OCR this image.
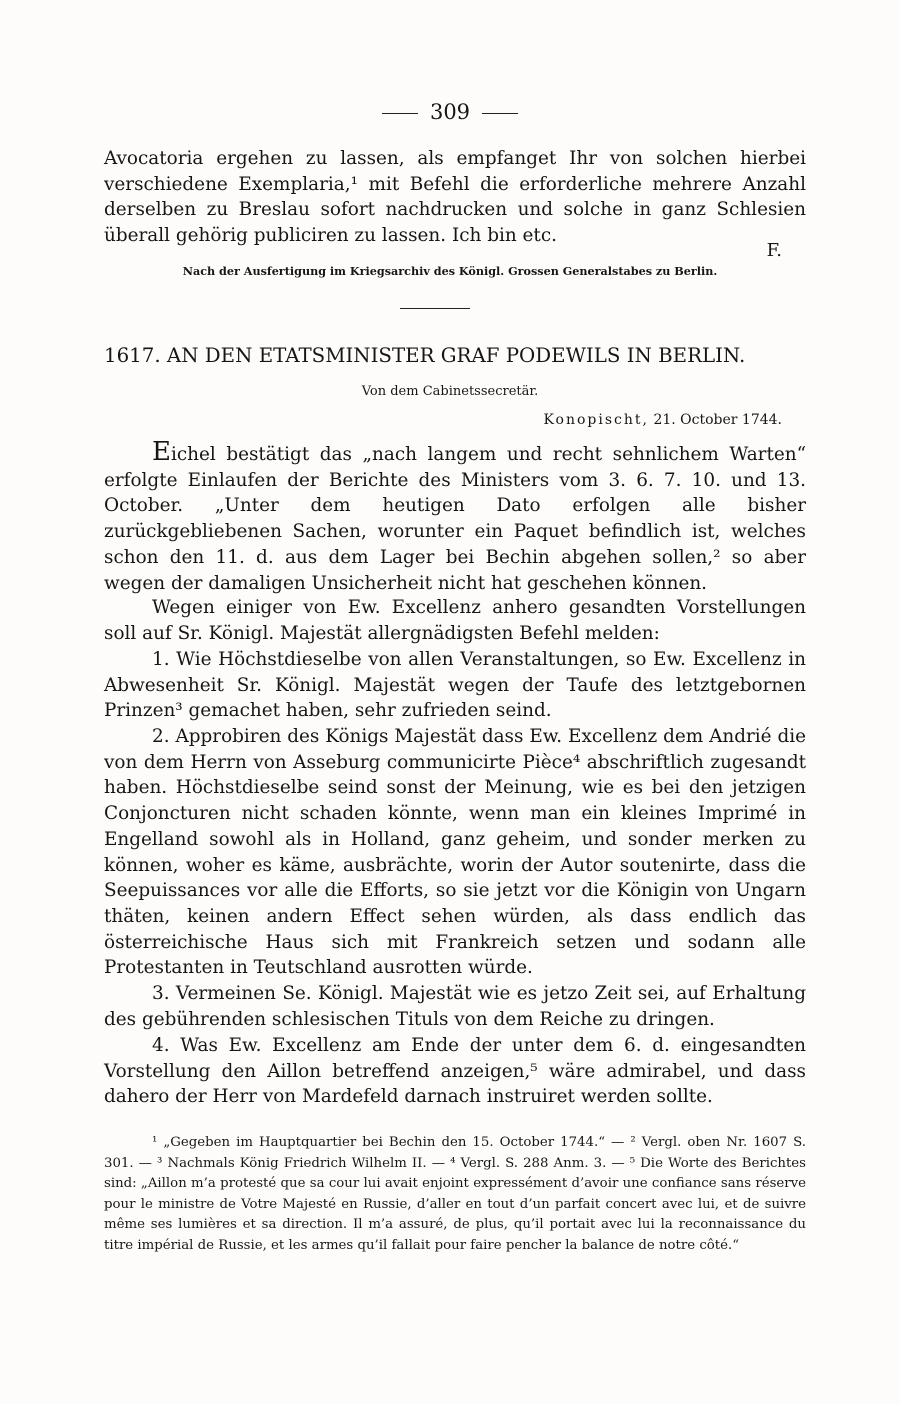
309
Avocatoria ergehen zu lassen, als empfanget Ihr von solchen hierbei verschiedene Exemplaria,¹ mit Befehl die erforderliche mehrere Anzahl derselben zu Breslau sofort nachdrucken und solche in ganz Schlesien überall gehörig publiciren zu lassen. Ich bin etc.
F.
Nach der Ausfertigung im Kriegsarchiv des Königl. Grossen Generalstabes zu Berlin.
1617. AN DEN ETATSMINISTER GRAF PODEWILS IN BERLIN.
Von dem Cabinetssecretär.
Konopischt, 21. October 1744.
Eichel bestätigt das „nach langem und recht sehnlichem Warten“ erfolgte Einlaufen der Berichte des Ministers vom 3. 6. 7. 10. und 13. October. „Unter dem heutigen Dato erfolgen alle bisher zurückgebliebenen Sachen, worunter ein Paquet befindlich ist, welches schon den 11. d. aus dem Lager bei Bechin abgehen sollen,² so aber wegen der damaligen Unsicherheit nicht hat geschehen können.
Wegen einiger von Ew. Excellenz anhero gesandten Vorstellungen soll auf Sr. Königl. Majestät allergnädigsten Befehl melden:
1. Wie Höchstdieselbe von allen Veranstaltungen, so Ew. Excellenz in Abwesenheit Sr. Königl. Majestät wegen der Taufe des letztgebornen Prinzen³ gemachet haben, sehr zufrieden seind.
2. Approbiren des Königs Majestät dass Ew. Excellenz dem Andrié die von dem Herrn von Asseburg communicirte Pièce⁴ abschriftlich zugesandt haben. Höchstdieselbe seind sonst der Meinung, wie es bei den jetzigen Conjoncturen nicht schaden könnte, wenn man ein kleines Imprimé in Engelland sowohl als in Holland, ganz geheim, und sonder merken zu können, woher es käme, ausbrächte, worin der Autor soutenirte, dass die Seepuissances vor alle die Efforts, so sie jetzt vor die Königin von Ungarn thäten, keinen andern Effect sehen würden, als dass endlich das österreichische Haus sich mit Frankreich setzen und sodann alle Protestanten in Teutschland ausrotten würde.
3. Vermeinen Se. Königl. Majestät wie es jetzo Zeit sei, auf Erhaltung des gebührenden schlesischen Tituls von dem Reiche zu dringen.
4. Was Ew. Excellenz am Ende der unter dem 6. d. eingesandten Vorstellung den Aillon betreffend anzeigen,⁵ wäre admirabel, und dass dahero der Herr von Mardefeld darnach instruiret werden sollte.
¹ „Gegeben im Hauptquartier bei Bechin den 15. October 1744.“ — ² Vergl. oben Nr. 1607 S. 301. — ³ Nachmals König Friedrich Wilhelm II. — ⁴ Vergl. S. 288 Anm. 3. — ⁵ Die Worte des Berichtes sind: „Aillon m’a protesté que sa cour lui avait enjoint expressément d’avoir une confiance sans réserve pour le ministre de Votre Majesté en Russie, d’aller en tout d’un parfait concert avec lui, et de suivre même ses lumières et sa direction. Il m’a assuré, de plus, qu’il portait avec lui la reconnaissance du titre impérial de Russie, et les armes qu’il fallait pour faire pencher la balance de notre côté.“
